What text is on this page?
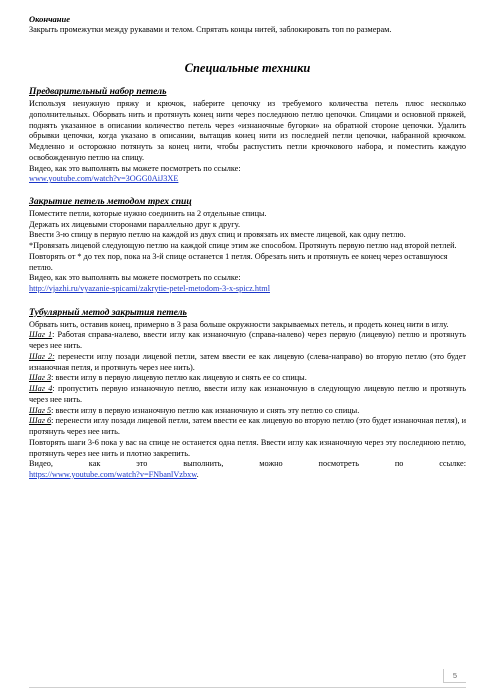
Окончание

Закрыть промежутки между рукавами и телом. Спрятать концы нитей, заблокировать топ по размерам.

Специальные техники

Предварительный набор петель

Используя ненужную пряжу и крючок, наберите цепочку из требуемого количества петель плюс несколько дополнительных. Оборвать нить и протянуть конец нити через последнюю петлю цепочки. Спицами и основной пряжей, поднять указанное в описании количество петель через «изнаночные бугорки» на обратной стороне цепочки. Удалить обрывки цепочки, когда указано в описании, вытащив конец нити из последней петли цепочки, набранной крючком. Медленно и осторожно потянуть за конец нити, чтобы распустить петли крючкового набора, и поместить каждую освобожденную петлю на спицу.

Видео, как это выполнять вы можете посмотреть по ссылке:

www.youtube.com/watch?v=3OGG0AiJ3XE

Закрытие петель методом трех спиц

Поместите петли, которые нужно соединить на 2 отдельные спицы.

Держать их лицевыми сторонами параллельно друг к другу.

Ввести 3-ю спицу в первую петлю на каждой из двух спиц и провязать их вместе лицевой, как одну петлю.

*Провязать лицевой следующую петлю на каждой спице этим же способом. Протянуть первую петлю над второй петлей. Повторять от * до тех пор, пока на 3-й спице останется 1 петля. Обрезать нить и протянуть ее конец через оставшуюся петлю.

Видео, как это выполнять вы можете посмотреть по ссылке:

http://vjazhi.ru/vyazanie-spicami/zakrytie-petel-metodom-3-x-spicz.html

Тубулярный метод закрытия петель

Обрвать нить, оставив конец, примерно в 3 раза больше окружности закрываемых петель, и продеть конец нити в иглу.

Шаг 1: Работая справа-налево, ввести иглу как изнаночную (справа-налево) через первую (лицевую) петлю и протянуть через нее нить.

Шаг 2: перенести иглу позади лицевой петли, затем ввести ее как лицевую (слева-направо) во вторую петлю (это будет изнаночная петля, и протянуть через нее нить).

Шаг 3: ввести иглу в первую лицевую петлю как лицевую и снять ее со спицы.

Шаг 4: пропустить первую изнаночную петлю, ввести иглу как изнаночную в следующую лицевую петлю и протянуть через нее нить.

Шаг 5: ввести иглу в первую изнаночную петлю как изнаночную и снять эту петлю со спицы.

Шаг 6: перенести иглу позади лицевой петли, затем ввести ее как лицевую во вторую петлю (это будет изнаночная петля), и протянуть через нее нить.

Повторять шаги 3-6 пока у вас на спице не останется одна петля. Ввести иглу как изнаночную через эту последнюю петлю, протянуть через нее нить и плотно закрепить.

Видео, как это выполнить, можно посмотреть по ссылке:

https://www.youtube.com/watch?v=FNbanlVzbxw.

5
